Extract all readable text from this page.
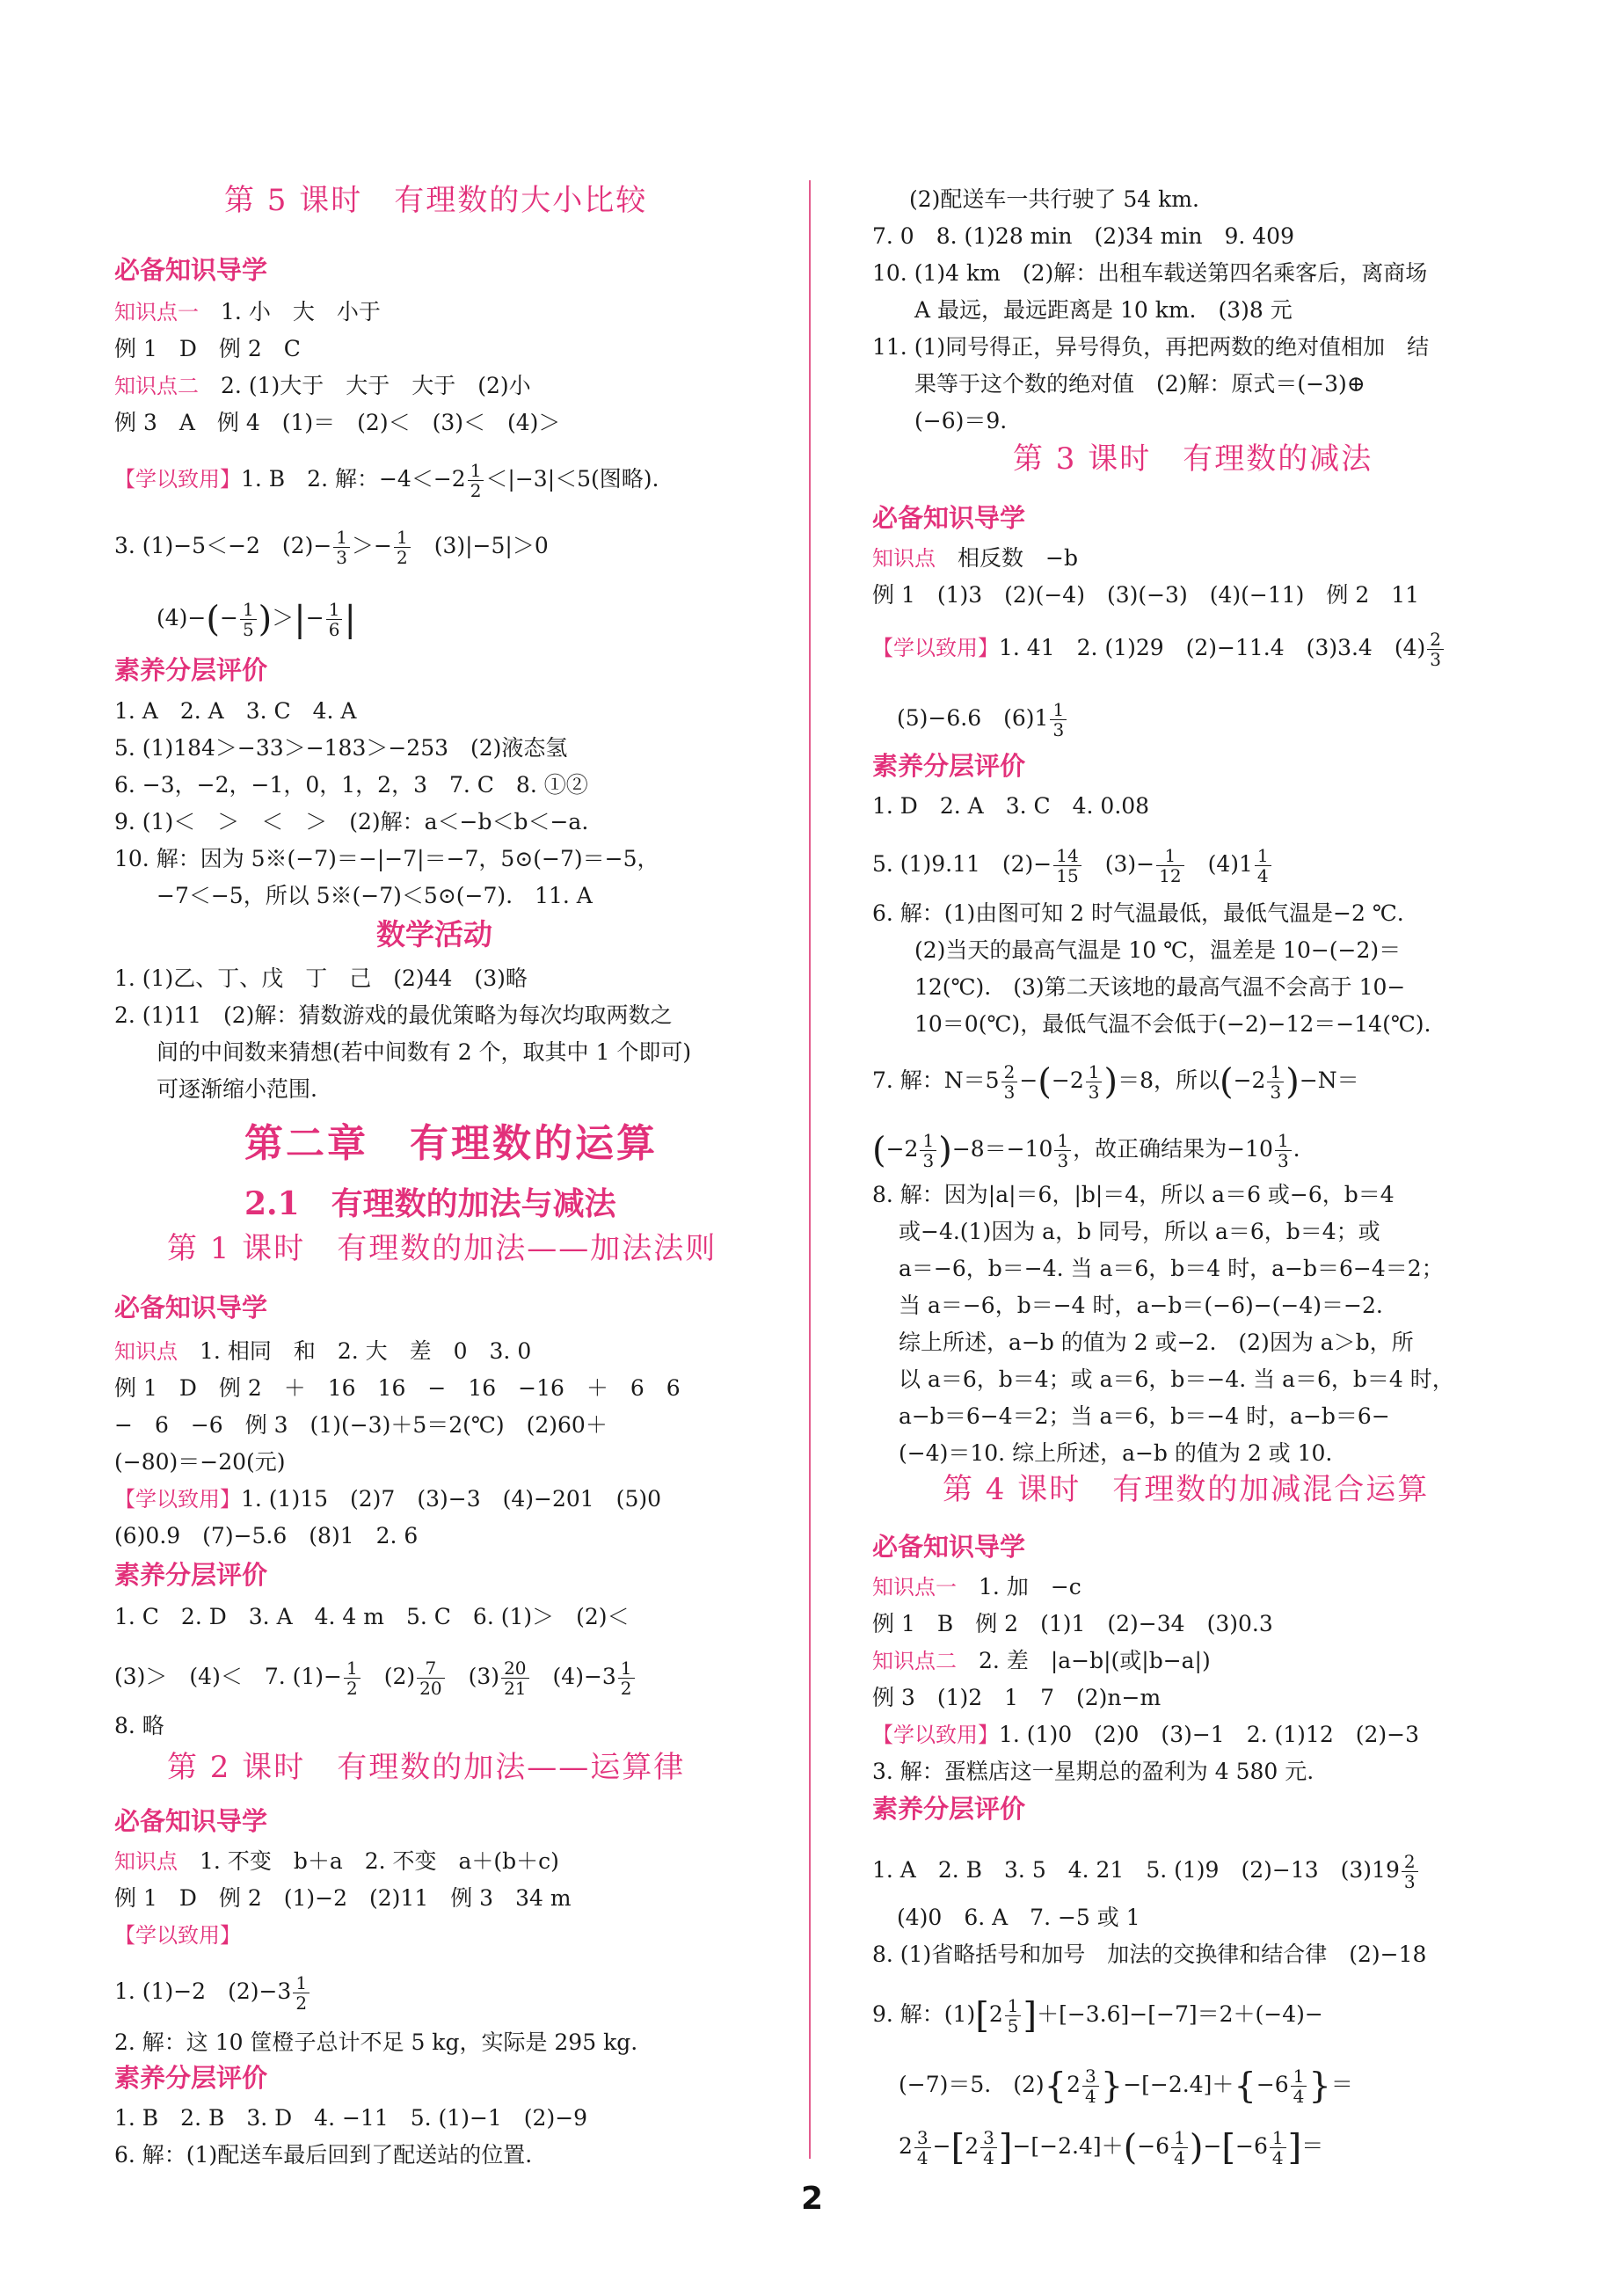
第 5 课时　有理数的大小比较
必备知识导学
知识点一　 1. 小　大　小于
例 1　D　例 2　C
知识点二　 2. (1)大于　大于　大于　(2)小
例 3　A　例 4　(1)＝　(2)＜　(3)＜　(4)＞
【学以致用】1. B　2. 解：$-4<-2 \frac{1}{2} <|-3|<5$(图略).
3. (1)−5＜−2　$(2)- \frac{1}{3} >- \frac{1}{2}$
　 (3)|−5|＞0
$(4)-(- \frac{1}{5}$ )＞|− $\frac{1}{6}$ |
素养分层评价
1. A　2. A　3. C　4. A
5. (1)184＞−33＞−183＞−253　(2)液态氢
6. −3，−2，−1，0，1，2，3　7. C　8. ①②
9. (1)＜　＞　＜　＞　(2)解：a＜−b＜b＜−a.
10. 解：因为 5※(−7)＝−|−7|＝−7，5⊙(−7)＝−5，
−7＜−5，所以 5※(−7)＜5⊙(−7).　11. A
数学活动
1. (1)乙、丁、戊　丁　己　(2)44　(3)略
2. (1)11　(2)解：猜数游戏的最优策略为每次均取两数之
间的中间数来猜想(若中间数有 2 个，取其中 1 个即可)
可逐渐缩小范围.
第二章　有理数的运算
2.1　有理数的加法与减法
第 1 课时　有理数的加法——加法法则
必备知识导学
知识点　 1. 相同　和　2. 大　差　0　3. 0
例 1　D　例 2　＋　16　16　−　16　−16　＋　6　6
−　6　−6　例 3　(1)(−3)＋5＝2(℃)　(2)60＋
(−80)＝−20(元)
【学以致用】1. (1)15　(2)7　(3)−3　(4)−201　(5)0
(6)0.9　(7)−5.6　(8)1　2. 6
素养分层评价
1. C　2. D　3. A　4. 4 m　5. C　6. (1)＞　(2)＜
(3)＞　(4)＜　7. $(1)- \frac{1}{2}$
　 $(2) \frac{7}{20}$
　 $(3) \frac{20}{21}$
　 $(4)-3 \frac{1}{2}$
8. 略
第 2 课时　有理数的加法——运算律
必备知识导学
知识点　 1. 不变　b＋a　2. 不变　a＋(b＋c)
例 1　D　例 2　(1)−2　(2)11　例 3　34 m
【学以致用】
1. (1)−2　$(2)-3 \frac{1}{2}$
2. 解：这 10 筐橙子总计不足 5 kg，实际是 295 kg.
素养分层评价
1. B　2. B　3. D　4. −11　5. (1)−1　(2)−9
6. 解：(1)配送车最后回到了配送站的位置.
(2)配送车一共行驶了 54 km.
7. 0　8. (1)28 min　(2)34 min　9. 409
10. (1)4 km　(2)解：出租车载送第四名乘客后，离商场
A 最远，最远距离是 10 km.　(3)8 元
11. (1)同号得正，异号得负，再把两数的绝对值相加　结
果等于这个数的绝对值　(2)解：原式＝(−3)⊕
(−6)＝9.
第 3 课时　有理数的减法
必备知识导学
知识点　 相反数　−b
例 1　(1)3　(2)(−4)　(3)(−3)　(4)(−11)　例 2　11
【学以致用】1. 41　2. (1)29　(2)−11.4　(3)3.4　$(4) \frac{2}{3}$
(5)−6.6　$(6)1 \frac{1}{3}$
素养分层评价
1. D　2. A　3. C　4. 0.08
5. (1)9.11　$(2)- \frac{14}{15}$
　 $(3)- \frac{1}{12}$
　 $(4)1 \frac{1}{4}$
6. 解：(1)由图可知 2 时气温最低，最低气温是−2 ℃.
(2)当天的最高气温是 10 ℃，温差是 10−(−2)＝
12(℃).　(3)第二天该地的最高气温不会高于 10−
10＝0(℃)，最低气温不会低于(−2)−12＝−14(℃).
7. 解：$N=5 \frac{2}{3} -(-2 \frac{1}{3} )=8$，所以$(-2 \frac{1}{3} )-N=$
$(-2 \frac{1}{3} )-8=-10 \frac{1}{3}$ ，故正确结果为$-10 \frac{1}{3}$ .
8. 解：因为|a|＝6，|b|＝4，所以 a＝6 或−6，b＝4
或−4.(1)因为 a，b 同号，所以 a＝6，b＝4；或
a＝−6，b＝−4. 当 a＝6，b＝4 时，a−b＝6−4＝2；
当 a＝−6，b＝−4 时，a−b＝(−6)−(−4)＝−2.
综上所述，a−b 的值为 2 或−2.　(2)因为 a＞b，所
以 a＝6，b＝4；或 a＝6，b＝−4. 当 a＝6，b＝4 时，
a−b＝6−4＝2；当 a＝6，b＝−4 时，a−b＝6−
(−4)＝10. 综上所述，a−b 的值为 2 或 10.
第 4 课时　有理数的加减混合运算
必备知识导学
知识点一　 1. 加　−c
例 1　B　例 2　(1)1　(2)−34　(3)0.3
知识点二　 2. 差　|a−b|(或|b−a|)
例 3　(1)2　1　7　(2)n−m
【学以致用】1. (1)0　(2)0　(3)−1　2. (1)12　(2)−3
3. 解：蛋糕店这一星期总的盈利为 4 580 元.
素养分层评价
1. A　2. B　3. 5　4. 21　5. (1)9　(2)−13　$(3)19 \frac{2}{3}$
(4)0　6. A　7. −5 或 1
8. (1)省略括号和加号　加法的交换律和结合律　(2)−18
9. 解：$(1)[2 \frac{1}{5} ]+[-3.6]-[-7]=2+(-4)-$
(−7)＝5.　$(2)\{2 \frac{3}{4} \}-[-2.4]+\{-6 \frac{1}{4}$ }＝
$2 \frac{3}{4} -[2 \frac{3}{4} ]-[-2.4]+(-6 \frac{1}{4} )-[-6 \frac{1}{4}$ ]＝
2
